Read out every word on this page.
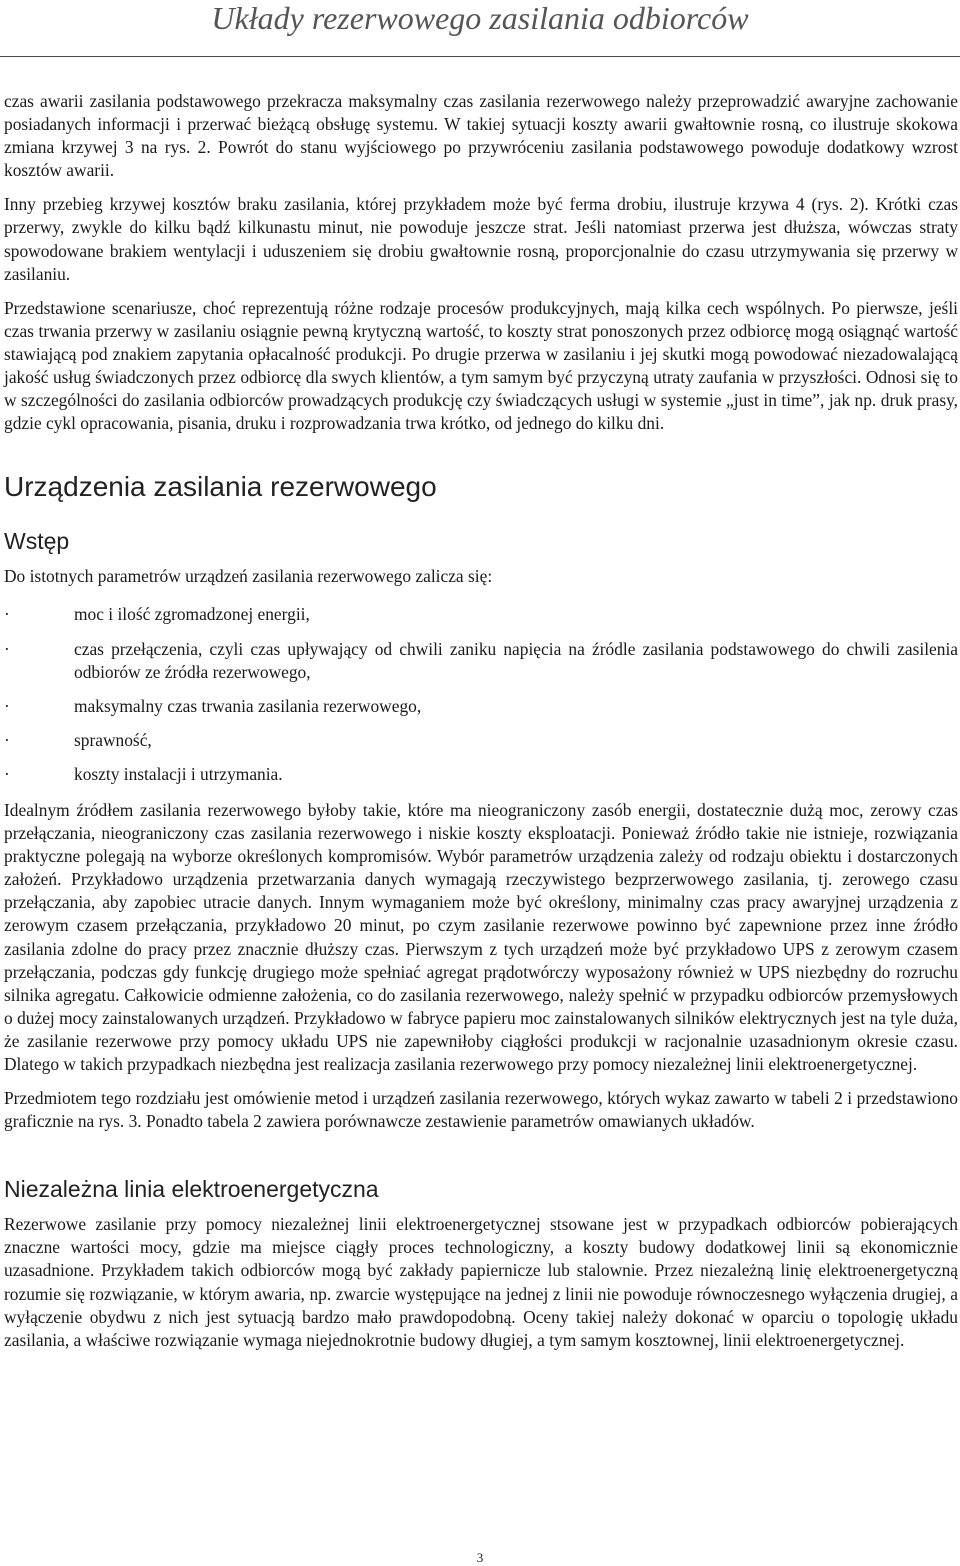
Układy rezerwowego zasilania odbiorców

czas awarii zasilania podstawowego przekracza maksymalny czas zasilania rezerwowego należy przeprowadzić awaryjne zachowanie posiadanych informacji i przerwać bieżącą obsługę systemu. W takiej sytuacji koszty awarii gwałtownie rosną, co ilustruje skokowa zmiana krzywej 3 na rys. 2. Powrót do stanu wyjściowego po przywróceniu zasilania podstawowego powoduje dodatkowy wzrost kosztów awarii.

Inny przebieg krzywej kosztów braku zasilania, której przykładem może być ferma drobiu, ilustruje krzywa 4 (rys. 2). Krótki czas przerwy, zwykle do kilku bądź kilkunastu minut, nie powoduje jeszcze strat. Jeśli natomiast przerwa jest dłuższa, wówczas straty spowodowane brakiem wentylacji i uduszeniem się drobiu gwałtownie rosną, proporcjonalnie do czasu utrzymywania się przerwy w zasilaniu.

Przedstawione scenariusze, choć reprezentują różne rodzaje procesów produkcyjnych, mają kilka cech wspólnych. Po pierwsze, jeśli czas trwania przerwy w zasilaniu osiągnie pewną krytyczną wartość, to koszty strat ponoszonych przez odbiorcę mogą osiągnąć wartość stawiającą pod znakiem zapytania opłacalność produkcji. Po drugie przerwa w zasilaniu i jej skutki mogą powodować niezadowalającą jakość usług świadczonych przez odbiorcę dla swych klientów, a tym samym być przyczyną utraty zaufania w przyszłości. Odnosi się to w szczególności do zasilania odbiorców prowadzących produkcję czy świadczących usługi w systemie „just in time”, jak np. druk prasy, gdzie cykl opracowania, pisania, druku i rozprowadzania trwa krótko, od jednego do kilku dni.

Urządzenia zasilania rezerwowego
Wstęp

Do istotnych parametrów urządzeń zasilania rezerwowego zalicza się:

·	moc i ilość zgromadzonej energii,
·	czas przełączenia, czyli czas upływający od chwili zaniku napięcia na źródle zasilania podstawowego do chwili zasilenia odbiorów ze źródła rezerwowego,
·	maksymalny czas trwania zasilania rezerwowego,
·	sprawność,
·	koszty instalacji i utrzymania.

Idealnym źródłem zasilania rezerwowego byłoby takie, które ma nieograniczony zasób energii, dostatecznie dużą moc, zerowy czas przełączania, nieograniczony czas zasilania rezerwowego i niskie koszty eksploatacji. Ponieważ źródło takie nie istnieje, rozwiązania praktyczne polegają na wyborze określonych kompromisów. Wybór parametrów urządzenia zależy od rodzaju obiektu i dostarczonych założeń. Przykładowo urządzenia przetwarzania danych wymagają rzeczywistego bezprzerwowego zasilania, tj. zerowego czasu przełączania, aby zapobiec utracie danych. Innym wymaganiem może być określony, minimalny czas pracy awaryjnej urządzenia z zerowym czasem przełączania, przykładowo 20 minut, po czym zasilanie rezerwowe powinno być zapewnione przez inne źródło zasilania zdolne do pracy przez znacznie dłuższy czas. Pierwszym z tych urządzeń może być przykładowo UPS z zerowym czasem przełączania, podczas gdy funkcję drugiego może spełniać agregat prądotwórczy wyposażony również w UPS niezbędny do rozruchu silnika agregatu. Całkowicie odmienne założenia, co do zasilania rezerwowego, należy spełnić w przypadku odbiorców przemysłowych o dużej mocy zainstalowanych urządzeń. Przykładowo w fabryce papieru moc zainstalowanych silników elektrycznych jest na tyle duża, że zasilanie rezerwowe przy pomocy układu UPS nie zapewniłoby ciągłości produkcji w racjonalnie uzasadnionym okresie czasu. Dlatego w takich przypadkach niezbędna jest realizacja zasilania rezerwowego przy pomocy niezależnej linii elektroenergetycznej.

Przedmiotem tego rozdziału jest omówienie metod i urządzeń zasilania rezerwowego, których wykaz zawarto w tabeli 2 i przedstawiono graficznie na rys. 3. Ponadto tabela 2 zawiera porównawcze zestawienie parametrów omawianych układów.

Niezależna linia elektroenergetyczna

Rezerwowe zasilanie przy pomocy niezależnej linii elektroenergetycznej stsowane jest w przypadkach odbiorców pobierających znaczne wartości mocy, gdzie ma miejsce ciągły proces technologiczny, a koszty budowy dodatkowej linii są ekonomicznie uzasadnione. Przykładem takich odbiorców mogą być zakłady papiernicze lub stalownie. Przez niezależną linię elektroenergetyczną rozumie się rozwiązanie, w którym awaria, np. zwarcie występujące na jednej z linii nie powoduje równoczesnego wyłączenia drugiej, a wyłączenie obydwu z nich jest sytuacją bardzo mało prawdopodobną. Oceny takiej należy dokonać w oparciu o topologię układu zasilania, a właściwe rozwiązanie wymaga niejednokrotnie budowy długiej, a tym samym kosztownej, linii elektroenergetycznej.

3
